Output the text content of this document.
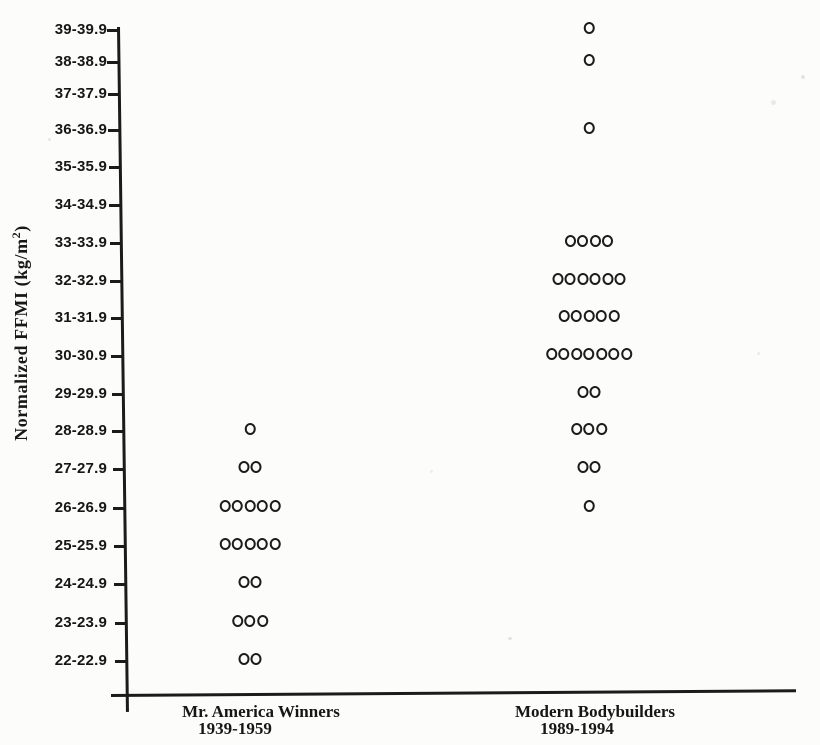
Normalized FFMI $(kg/m^2)$
39-39.9
38-38.9
37-37.9
36-36.9
35-35.9
34-34.9
33-33.9
32-32.9
31-31.9
30-30.9
29-29.9
28-28.9
27-27.9
26-26.9
25-25.9
24-24.9
23-23.9
22-22.9
Mr. America Winners
1939-1959
Modern Bodybuilders
1989-1994
